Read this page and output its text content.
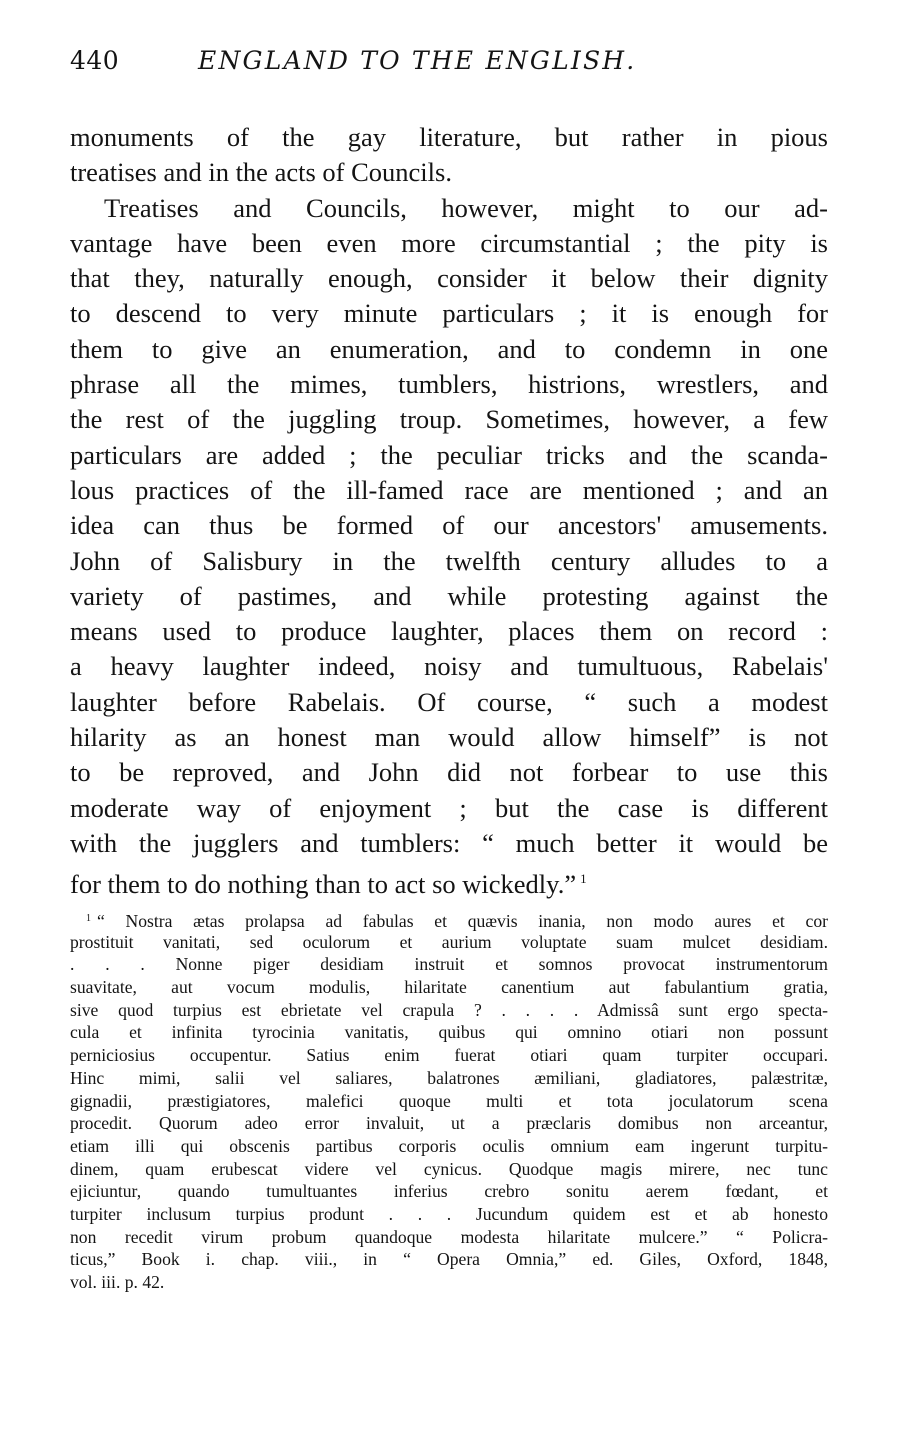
440	ENGLAND TO THE ENGLISH.
monuments of the gay literature, but rather in pious
treatises and in the acts of Councils.
Treatises and Councils, however, might to our ad-
vantage have been even more circumstantial ; the pity is
that they, naturally enough, consider it below their dignity
to descend to very minute particulars ; it is enough for
them to give an enumeration, and to condemn in one
phrase all the mimes, tumblers, histrions, wrestlers, and
the rest of the juggling troup. Sometimes, however, a few
particulars are added ; the peculiar tricks and the scanda-
lous practices of the ill-famed race are mentioned ; and an
idea can thus be formed of our ancestors' amusements.
John of Salisbury in the twelfth century alludes to a
variety of pastimes, and while protesting against the
means used to produce laughter, places them on record :
a heavy laughter indeed, noisy and tumultuous, Rabelais'
laughter before Rabelais. Of course, “ such a modest
hilarity as an honest man would allow himself” is not
to be reproved, and John did not forbear to use this
moderate way of enjoyment ; but the case is different
with the jugglers and tumblers: “ much better it would be
for them to do nothing than to act so wickedly.” $^1$
$^1$ “ Nostra ætas prolapsa ad fabulas et quævis inania, non modo aures et cor
prostituit vanitati, sed oculorum et aurium voluptate suam mulcet desidiam.
. . . Nonne piger desidiam instruit et somnos provocat instrumentorum
suavitate, aut vocum modulis, hilaritate canentium aut fabulantium gratia,
sive quod turpius est ebrietate vel crapula ? . . . . Admissâ sunt ergo specta-
cula et infinita tyrocinia vanitatis, quibus qui omnino otiari non possunt
perniciosius occupentur. Satius enim fuerat otiari quam turpiter occupari.
Hinc mimi, salii vel saliares, balatrones æmiliani, gladiatores, palæstritæ,
gignadii, præstigiatores, malefici quoque multi et tota joculatorum scena
procedit. Quorum adeo error invaluit, ut a præclaris domibus non arceantur,
etiam illi qui obscenis partibus corporis oculis omnium eam ingerunt turpitu-
dinem, quam erubescat videre vel cynicus. Quodque magis mirere, nec tunc
ejiciuntur, quando tumultuantes inferius crebro sonitu aerem fœdant, et
turpiter inclusum turpius produnt . . . Jucundum quidem est et ab honesto
non recedit virum probum quandoque modesta hilaritate mulcere.” “ Policra-
ticus,” Book i. chap. viii., in “ Opera Omnia,” ed. Giles, Oxford, 1848,
vol. iii. p. 42.
